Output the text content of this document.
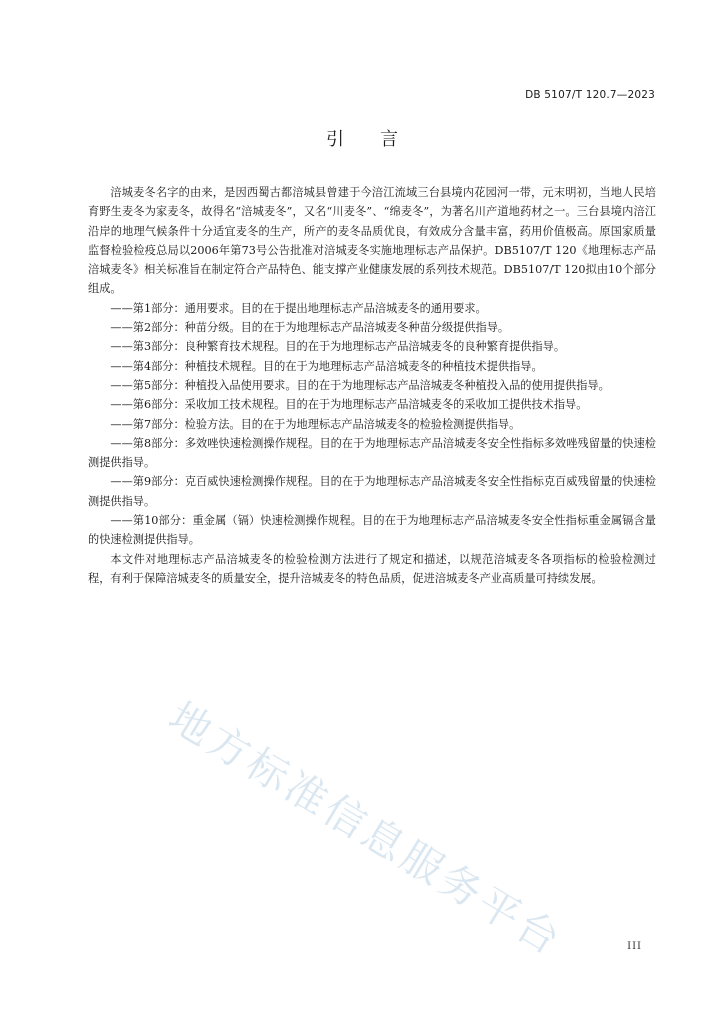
DB 5107/T 120.7—2023
引言

涪城麦冬名字的由来，是因西蜀古都涪城县曾建于今涪江流域三台县境内花园河一带，元末明初，当地人民培育野生麦冬为家麦冬，故得名“涪城麦冬”，又名“川麦冬”、“绵麦冬”，为著名川产道地药材之一。三台县境内涪江沿岸的地理气候条件十分适宜麦冬的生产，所产的麦冬品质优良，有效成分含量丰富，药用价值极高。原国家质量监督检验检疫总局以2006年第73号公告批准对涪城麦冬实施地理标志产品保护。DB5107/T 120《地理标志产品 涪城麦冬》相关标准旨在制定符合产品特色、能支撑产业健康发展的系列技术规范。DB5107/T 120拟由10个部分组成。

——第1部分：通用要求。目的在于提出地理标志产品涪城麦冬的通用要求。

——第2部分：种苗分级。目的在于为地理标志产品涪城麦冬种苗分级提供指导。

——第3部分：良种繁育技术规程。目的在于为地理标志产品涪城麦冬的良种繁育提供指导。

——第4部分：种植技术规程。目的在于为地理标志产品涪城麦冬的种植技术提供指导。

——第5部分：种植投入品使用要求。目的在于为地理标志产品涪城麦冬种植投入品的使用提供指导。

——第6部分：采收加工技术规程。目的在于为地理标志产品涪城麦冬的采收加工提供技术指导。

——第7部分：检验方法。目的在于为地理标志产品涪城麦冬的检验检测提供指导。

——第8部分：多效唑快速检测操作规程。目的在于为地理标志产品涪城麦冬安全性指标多效唑残留量的快速检测提供指导。

——第9部分：克百威快速检测操作规程。目的在于为地理标志产品涪城麦冬安全性指标克百威残留量的快速检测提供指导。

——第10部分：重金属（镉）快速检测操作规程。目的在于为地理标志产品涪城麦冬安全性指标重金属镉含量的快速检测提供指导。

本文件对地理标志产品涪城麦冬的检验检测方法进行了规定和描述，以规范涪城麦冬各项指标的检验检测过程，有利于保障涪城麦冬的质量安全，提升涪城麦冬的特色品质，促进涪城麦冬产业高质量可持续发展。

地方标准信息服务平台	III
